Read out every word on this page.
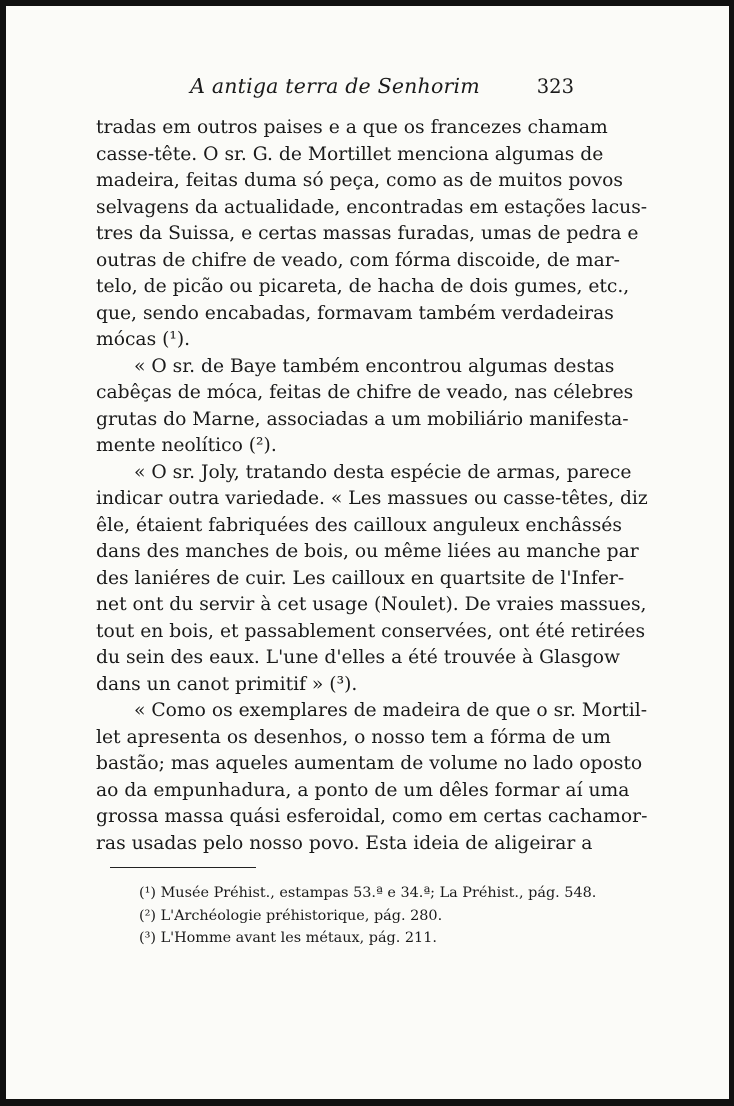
A antiga terra de Senhorim	323
tradas em outros paises e a que os francezes chamam
casse-tête. O sr. G. de Mortillet menciona algumas de
madeira, feitas duma só peça, como as de muitos povos
selvagens da actualidade, encontradas em estações lacus-
tres da Suissa, e certas massas furadas, umas de pedra e
outras de chifre de veado, com fórma discoide, de mar-
telo, de picão ou picareta, de hacha de dois gumes, etc.,
que, sendo encabadas, formavam também verdadeiras
mócas (¹).
« O sr. de Baye também encontrou algumas destas
cabêças de móca, feitas de chifre de veado, nas célebres
grutas do Marne, associadas a um mobiliário manifesta-
mente neolítico (²).
« O sr. Joly, tratando desta espécie de armas, parece
indicar outra variedade. « Les massues ou casse-têtes, diz
êle, étaient fabriquées des cailloux anguleux enchâssés
dans des manches de bois, ou même liées au manche par
des laniéres de cuir. Les cailloux en quartsite de l'Infer-
net ont du servir à cet usage (Noulet). De vraies massues,
tout en bois, et passablement conservées, ont été retirées
du sein des eaux. L'une d'elles a été trouvée à Glasgow
dans un canot primitif » (³).
« Como os exemplares de madeira de que o sr. Mortil-
let apresenta os desenhos, o nosso tem a fórma de um
bastão; mas aqueles aumentam de volume no lado oposto
ao da empunhadura, a ponto de um dêles formar aí uma
grossa massa quási esferoidal, como em certas cachamor-
ras usadas pelo nosso povo. Esta ideia de aligeirar a
(¹) Musée Préhist., estampas 53.ª e 34.ª; La Préhist., pág. 548.
(²) L'Archéologie préhistorique, pág. 280.
(³) L'Homme avant les métaux, pág. 211.
